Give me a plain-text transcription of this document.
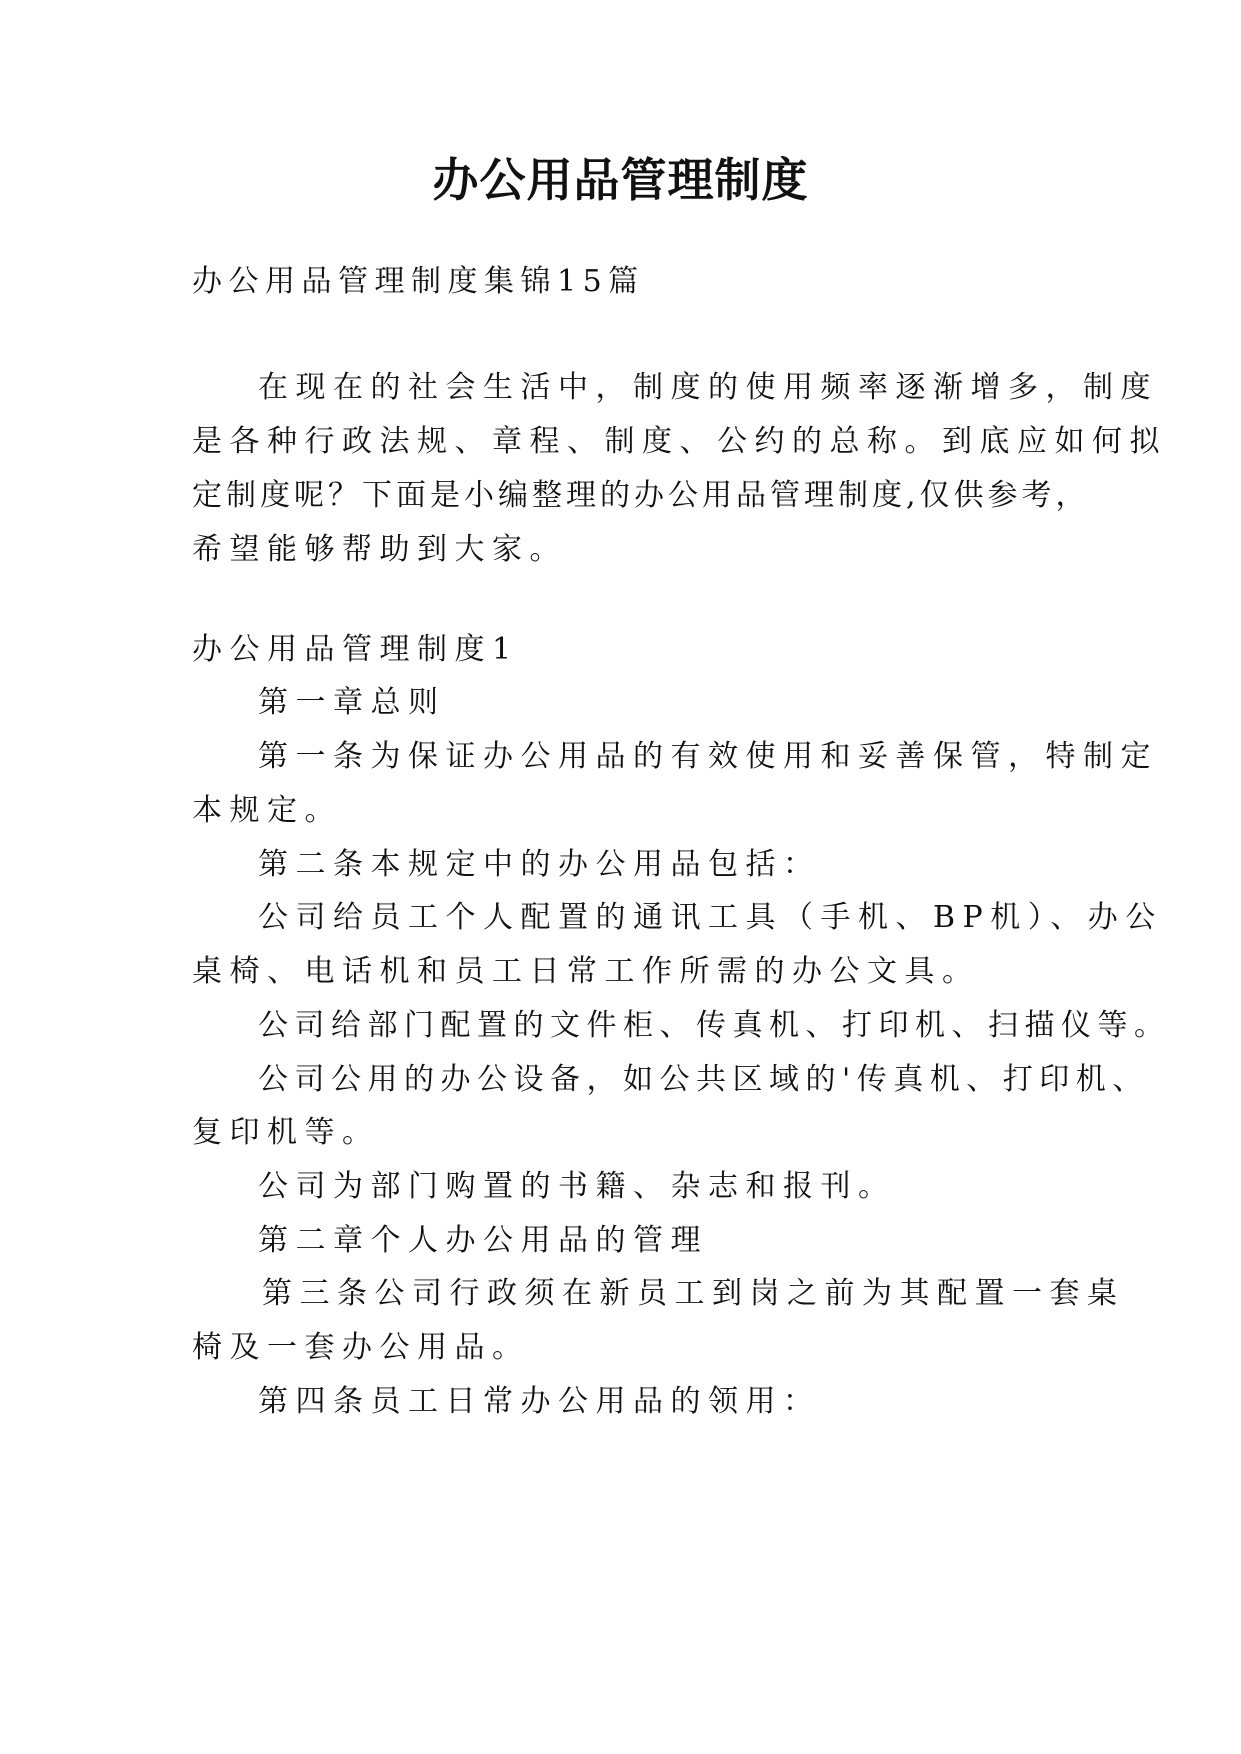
办公用品管理制度
办公用品管理制度集锦15篇
在现在的社会生活中，制度的使用频率逐渐增多，制度
是各种行政法规、章程、制度、公约的总称。到底应如何拟
定制度呢？下面是小编整理的办公用品管理制度,仅供参考，
希望能够帮助到大家。
办公用品管理制度1
第一章总则
第一条为保证办公用品的有效使用和妥善保管，特制定
本规定。
第二条本规定中的办公用品包括：
公司给员工个人配置的通讯工具（手机、BP机）、办公
桌椅、电话机和员工日常工作所需的办公文具。
公司给部门配置的文件柜、传真机、打印机、扫描仪等。
公司公用的办公设备，如公共区域的'传真机、打印机、
复印机等。
公司为部门购置的书籍、杂志和报刊。
第二章个人办公用品的管理
第三条公司行政须在新员工到岗之前为其配置一套桌
椅及一套办公用品。
第四条员工日常办公用品的领用：
